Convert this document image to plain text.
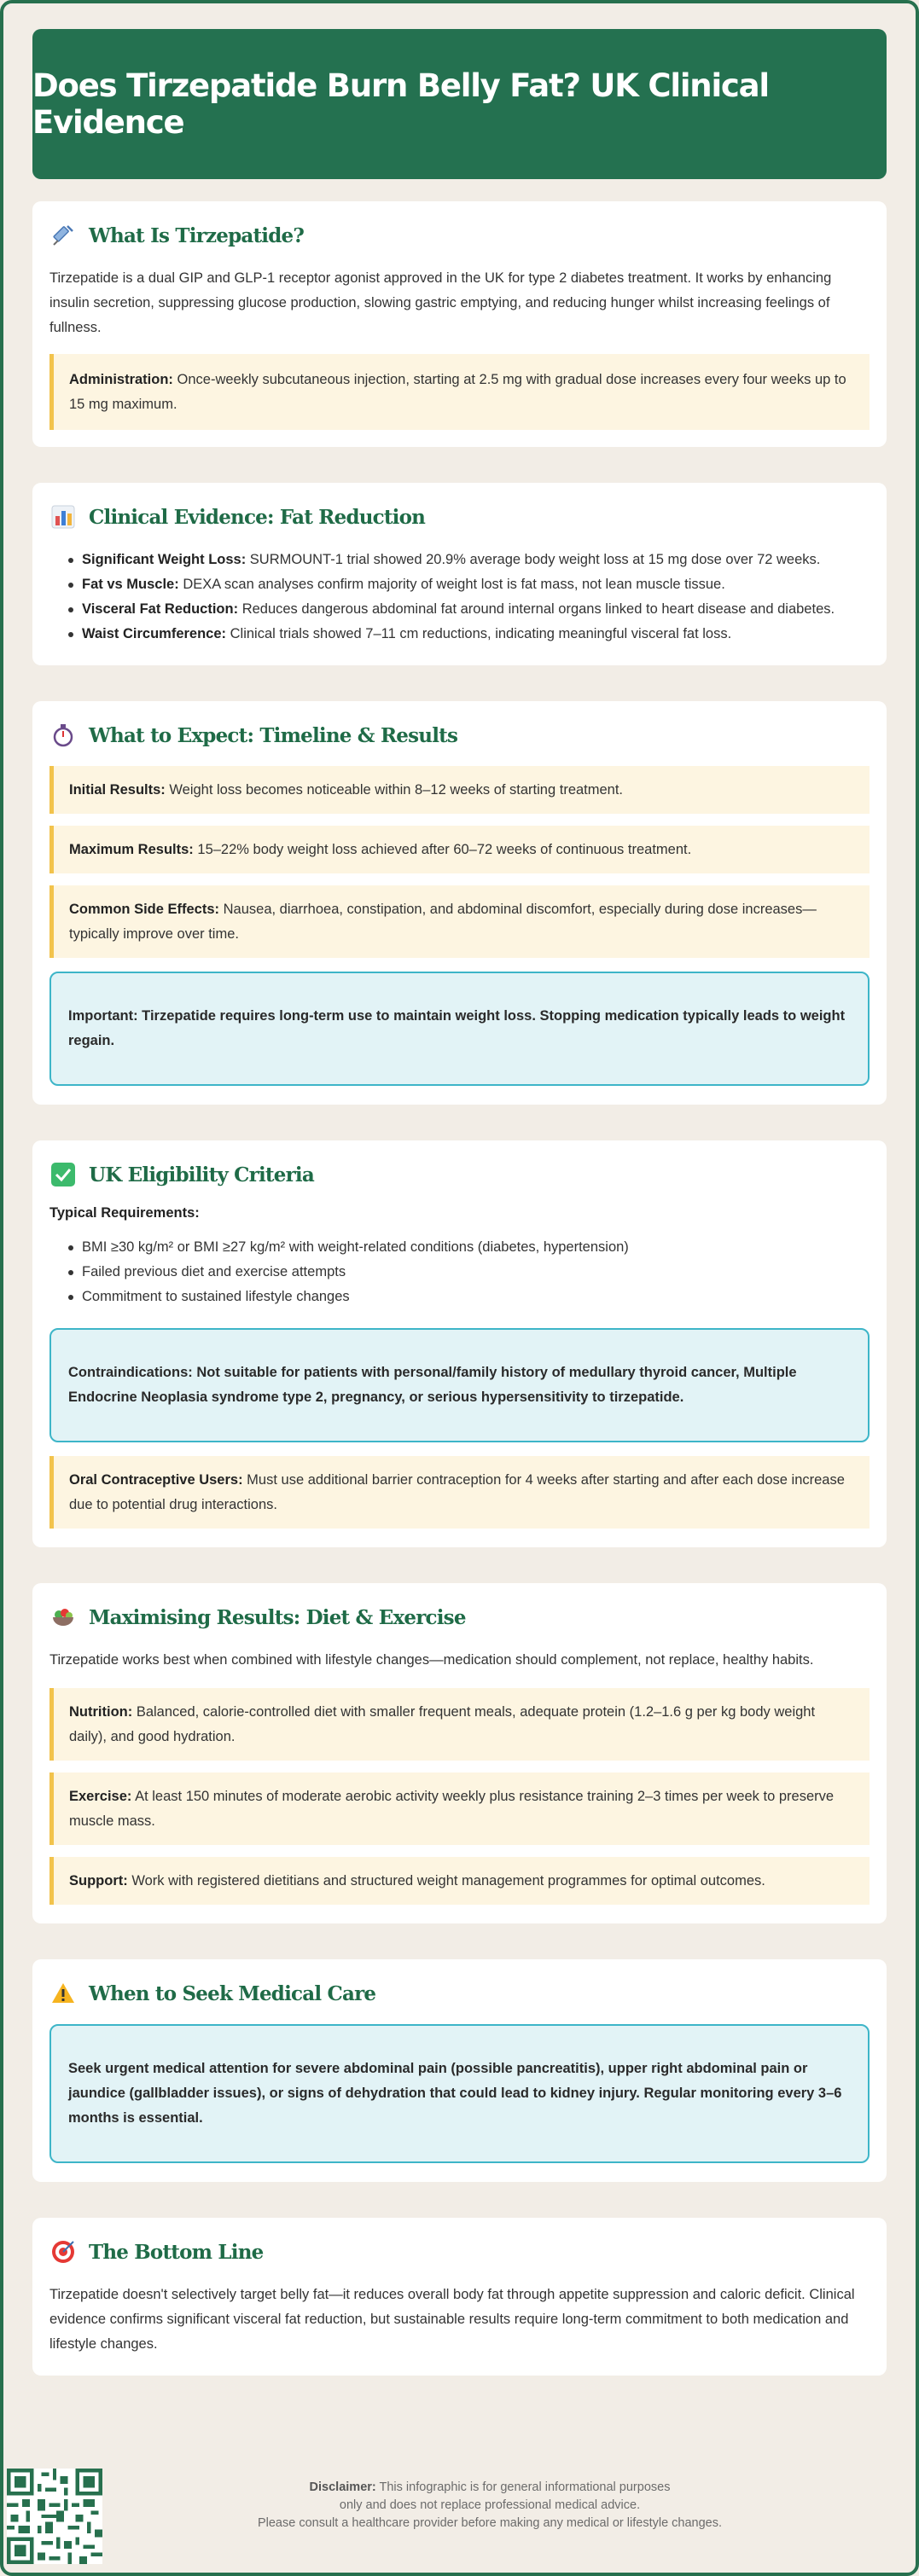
Does Tirzepatide Burn Belly Fat? UK Clinical Evidence
What Is Tirzepatide?

Tirzepatide is a dual GIP and GLP-1 receptor agonist approved in the UK for type 2 diabetes treatment. It works by enhancing insulin secretion, suppressing glucose production, slowing gastric emptying, and reducing hunger whilst increasing feelings of fullness.

Administration: Once-weekly subcutaneous injection, starting at 2.5 mg with gradual dose increases every four weeks up to 15 mg maximum.
Clinical Evidence: Fat Reduction
Significant Weight Loss: SURMOUNT-1 trial showed 20.9% average body weight loss at 15 mg dose over 72 weeks.
Fat vs Muscle: DEXA scan analyses confirm majority of weight lost is fat mass, not lean muscle tissue.
Visceral Fat Reduction: Reduces dangerous abdominal fat around internal organs linked to heart disease and diabetes.
Waist Circumference: Clinical trials showed 7–11 cm reductions, indicating meaningful visceral fat loss.
What to Expect: Timeline & Results
Initial Results: Weight loss becomes noticeable within 8–12 weeks of starting treatment.
Maximum Results: 15–22% body weight loss achieved after 60–72 weeks of continuous treatment.
Common Side Effects: Nausea, diarrhoea, constipation, and abdominal discomfort, especially during dose increases—typically improve over time.
Important: Tirzepatide requires long-term use to maintain weight loss. Stopping medication typically leads to weight regain.
UK Eligibility Criteria
Typical Requirements:
BMI ≥30 kg/m² or BMI ≥27 kg/m² with weight-related conditions (diabetes, hypertension)
Failed previous diet and exercise attempts
Commitment to sustained lifestyle changes
Contraindications: Not suitable for patients with personal/family history of medullary thyroid cancer, Multiple Endocrine Neoplasia syndrome type 2, pregnancy, or serious hypersensitivity to tirzepatide.
Oral Contraceptive Users: Must use additional barrier contraception for 4 weeks after starting and after each dose increase due to potential drug interactions.
Maximising Results: Diet & Exercise

Tirzepatide works best when combined with lifestyle changes—medication should complement, not replace, healthy habits.

Nutrition: Balanced, calorie-controlled diet with smaller frequent meals, adequate protein (1.2–1.6 g per kg body weight daily), and good hydration.
Exercise: At least 150 minutes of moderate aerobic activity weekly plus resistance training 2–3 times per week to preserve muscle mass.
Support: Work with registered dietitians and structured weight management programmes for optimal outcomes.
When to Seek Medical Care
Seek urgent medical attention for severe abdominal pain (possible pancreatitis), upper right abdominal pain or jaundice (gallbladder issues), or signs of dehydration that could lead to kidney injury. Regular monitoring every 3–6 months is essential.
The Bottom Line

Tirzepatide doesn't selectively target belly fat—it reduces overall body fat through appetite suppression and caloric deficit. Clinical evidence confirms significant visceral fat reduction, but sustainable results require long-term commitment to both medication and lifestyle changes.

Disclaimer: This infographic is for general informational purposes
only and does not replace professional medical advice.
Please consult a healthcare provider before making any medical or lifestyle changes.
